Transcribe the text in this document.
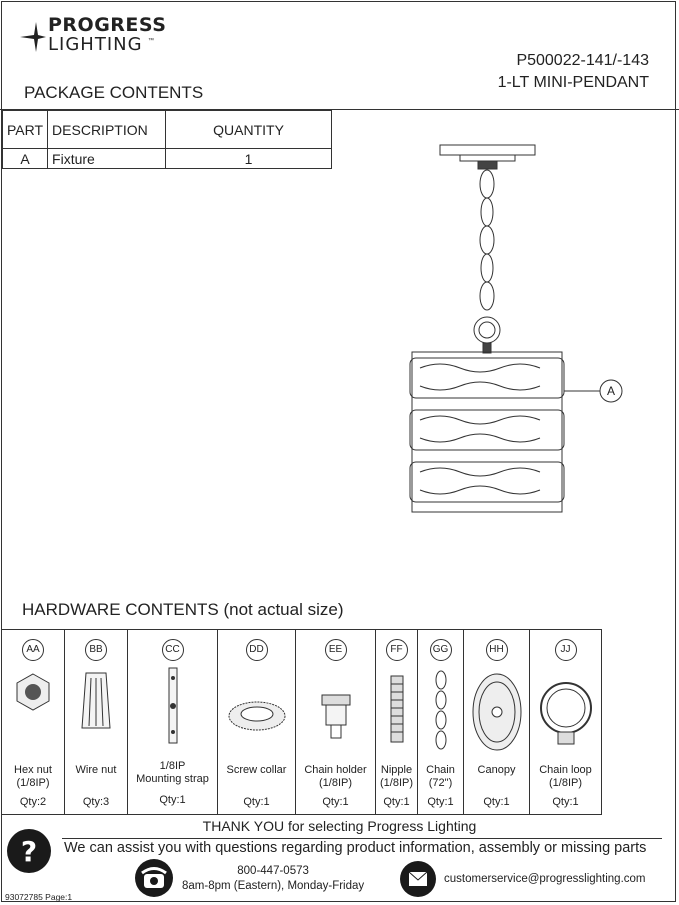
PROGRESS
LIGHTING ™
P500022-141/-143
1-LT MINI-PENDANT
PACKAGE CONTENTS
PART	DESCRIPTION	QUANTITY
A	Fixture	1
A
HARDWARE CONTENTS (not actual size)
AA
Hex nut
(1/8IP)
Qty:2
BB
Wire nut
Qty:3
CC
1/8IP
Mounting strap
Qty:1
DD
Screw collar
Qty:1
EE
Chain holder
(1/8IP)
Qty:1
FF
Nipple
(1/8IP)
Qty:1
GG
Chain
(72")
Qty:1
HH
Canopy
Qty:1
JJ
Chain loop
(1/8IP)
Qty:1
THANK YOU for selecting Progress Lighting
? We can assist you with questions regarding product information, assembly or missing parts
800-447-0573
8am-8pm (Eastern), Monday-Friday
customerservice@progresslighting.com
93072785 Page:1
